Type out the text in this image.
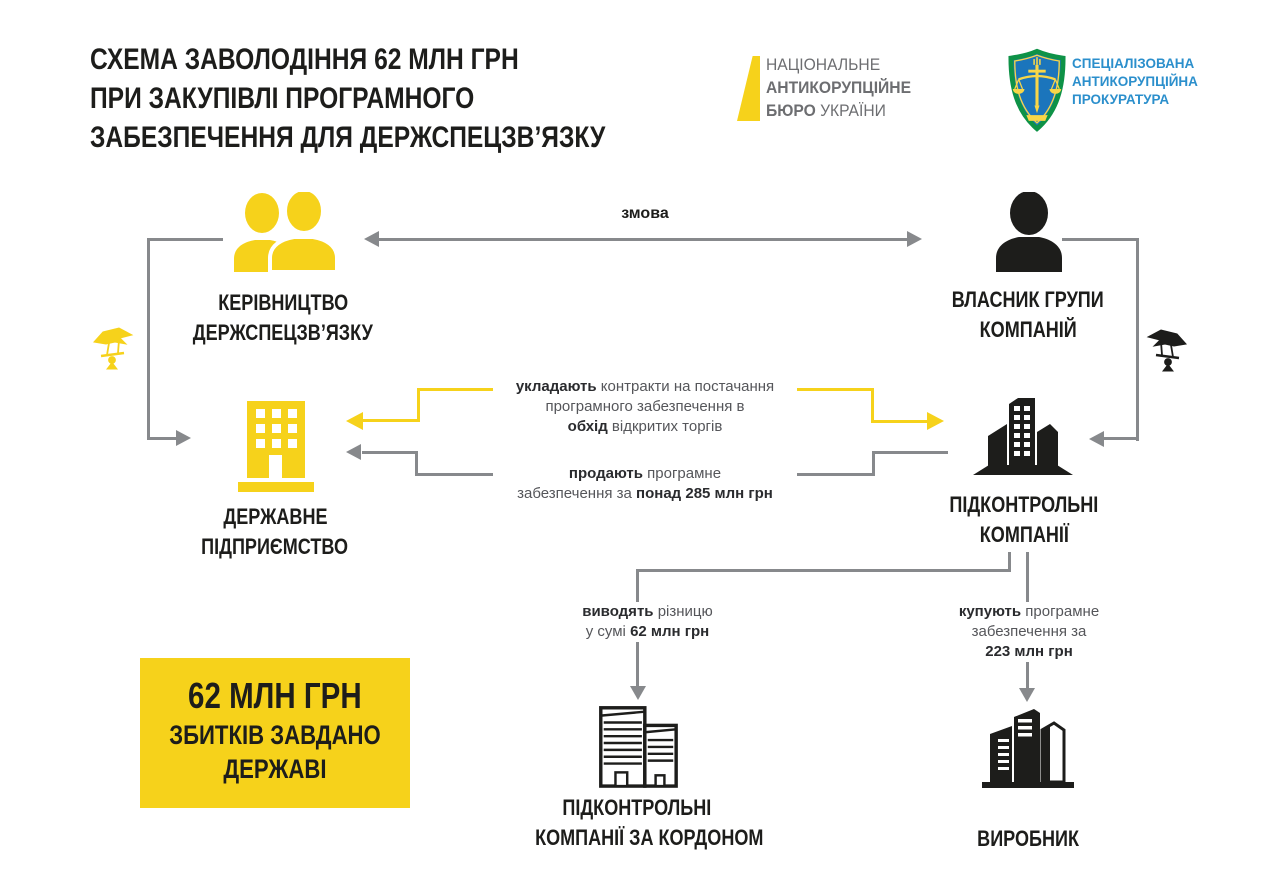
СХЕМА ЗАВОЛОДІННЯ 62 МЛН ГРН
ПРИ ЗАКУПІВЛІ ПРОГРАМНОГО
ЗАБЕЗПЕЧЕННЯ ДЛЯ ДЕРЖСПЕЦЗВ’ЯЗКУ
НАЦІОНАЛЬНЕ
АНТИКОРУПЦІЙНЕ
БЮРО УКРАЇНИ
СПЕЦІАЛІЗОВАНА
АНТИКОРУПЦІЙНА
ПРОКУРАТУРА
КЕРІВНИЦТВО
ДЕРЖСПЕЦЗВ’ЯЗКУ
ВЛАСНИК ГРУПИ
КОМПАНІЙ
ДЕРЖАВНЕ
ПІДПРИЄМСТВО
ПІДКОНТРОЛЬНІ
КОМПАНІЇ
ПІДКОНТРОЛЬНІ
КОМПАНІЇ ЗА КОРДОНОМ	ВИРОБНИК
змова
укладають контракти на постачання
програмного забезпечення в
обхід відкритих торгів
продають програмне
забезпечення за понад 285 млн грн
виводять різницю
у сумі 62 млн грн
купують програмне
забезпечення за
223 млн грн
62 МЛН ГРН
ЗБИТКІВ ЗАВДАНО
ДЕРЖАВІ
